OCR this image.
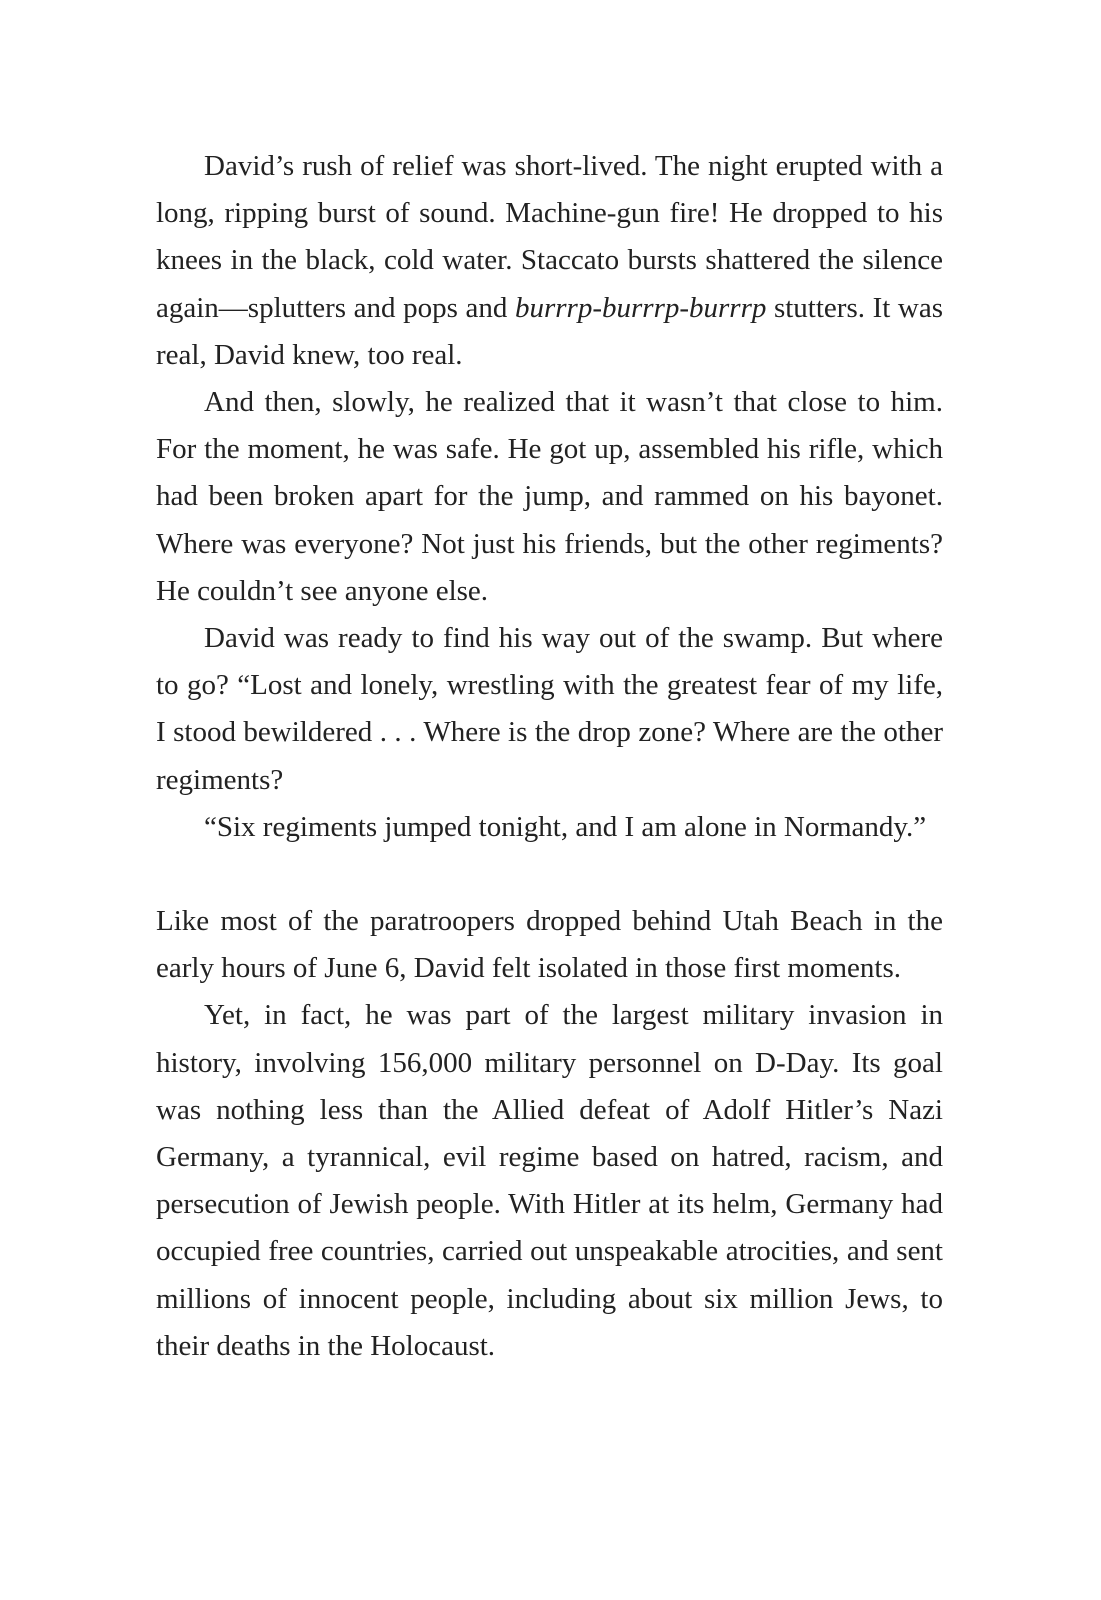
David’s rush of relief was short-lived. The night erupted with a long, ripping burst of sound. Machine-gun fire! He dropped to his knees in the black, cold water. Staccato bursts shattered the silence again—splutters and pops and burrrp-burrrp-burrrp stutters. It was real, David knew, too real.

And then, slowly, he realized that it wasn’t that close to him. For the moment, he was safe. He got up, assembled his rifle, which had been broken apart for the jump, and rammed on his bayonet. Where was everyone? Not just his friends, but the other regiments? He couldn’t see anyone else.

David was ready to find his way out of the swamp. But where to go? “Lost and lonely, wrestling with the greatest fear of my life, I stood bewildered . . . Where is the drop zone? Where are the other regiments?

“Six regiments jumped tonight, and I am alone in Normandy.”

Like most of the paratroopers dropped behind Utah Beach in the early hours of June 6, David felt isolated in those first moments.

Yet, in fact, he was part of the largest military invasion in history, involving 156,000 military personnel on D-Day. Its goal was nothing less than the Allied defeat of Adolf Hitler’s Nazi Germany, a tyrannical, evil regime based on hatred, racism, and persecution of Jewish people. With Hitler at its helm, Germany had occupied free countries, carried out unspeakable atrocities, and sent millions of innocent people, including about six million Jews, to their deaths in the Holocaust.
